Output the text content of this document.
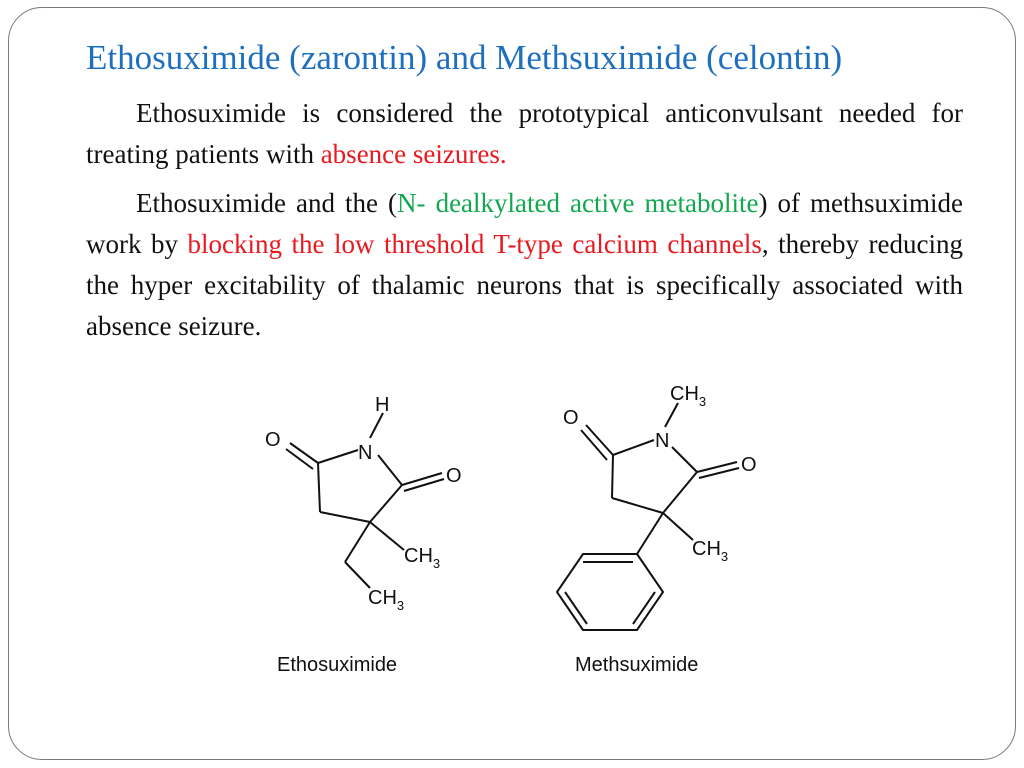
Ethosuximide (zarontin) and Methsuximide (celontin)

Ethosuximide is considered the prototypical anticonvulsant needed for treating patients with absence seizures.

Ethosuximide and the (N- dealkylated active metabolite) of methsuximide work by blocking the low threshold T-type calcium channels, thereby reducing the hyper excitability of thalamic neurons that is specifically associated with absence seizure.

H
O
N
O
$CH_3$
$CH_3$
Ethosuximide
$CH_3$
O
N
O
$CH_3$
Methsuximide
